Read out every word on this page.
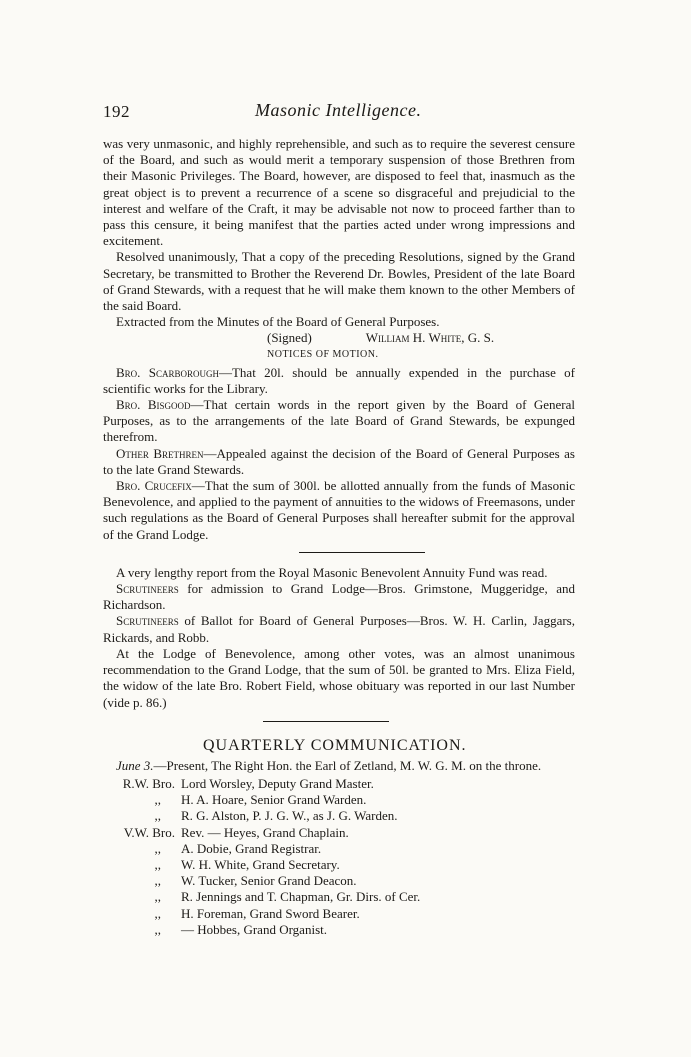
192	Masonic Intelligence.

was very unmasonic, and highly reprehensible, and such as to require the severest censure of the Board, and such as would merit a temporary suspension of those Brethren from their Masonic Privileges. The Board, however, are disposed to feel that, inasmuch as the great object is to prevent a recurrence of a scene so disgraceful and prejudicial to the interest and welfare of the Craft, it may be advisable not now to proceed farther than to pass this censure, it being manifest that the parties acted under wrong impressions and excitement.

Resolved unanimously, That a copy of the preceding Resolutions, signed by the Grand Secretary, be transmitted to Brother the Reverend Dr. Bowles, President of the late Board of Grand Stewards, with a request that he will make them known to the other Members of the said Board.

Extracted from the Minutes of the Board of General Purposes.

(Signed)	William H. White, G. S.
NOTICES OF MOTION.

Bro. Scarborough—That 20l. should be annually expended in the purchase of scientific works for the Library.

Bro. Bisgood—That certain words in the report given by the Board of General Purposes, as to the arrangements of the late Board of Grand Stewards, be expunged therefrom.

Other Brethren—Appealed against the decision of the Board of General Purposes as to the late Grand Stewards.

Bro. Crucefix—That the sum of 300l. be allotted annually from the funds of Masonic Benevolence, and applied to the payment of annuities to the widows of Freemasons, under such regulations as the Board of General Purposes shall hereafter submit for the approval of the Grand Lodge.

A very lengthy report from the Royal Masonic Benevolent Annuity Fund was read.

Scrutineers for admission to Grand Lodge—Bros. Grimstone, Muggeridge, and Richardson.

Scrutineers of Ballot for Board of General Purposes—Bros. W. H. Carlin, Jaggars, Rickards, and Robb.

At the Lodge of Benevolence, among other votes, was an almost unanimous recommendation to the Grand Lodge, that the sum of 50l. be granted to Mrs. Eliza Field, the widow of the late Bro. Robert Field, whose obituary was reported in our last Number (vide p. 86.)

QUARTERLY COMMUNICATION.

June 3.—Present, The Right Hon. the Earl of Zetland, M. W. G. M. on the throne.

R.W. Bro. Lord Worsley, Deputy Grand Master.
,,	H. A. Hoare, Senior Grand Warden.
,,	R. G. Alston, P. J. G. W., as J. G. Warden.
V.W. Bro. Rev. — Heyes, Grand Chaplain.
,,	A. Dobie, Grand Registrar.
,,	W. H. White, Grand Secretary.
,,	W. Tucker, Senior Grand Deacon.
,,	R. Jennings and T. Chapman, Gr. Dirs. of Cer.
,,	H. Foreman, Grand Sword Bearer.
,,	— Hobbes, Grand Organist.
